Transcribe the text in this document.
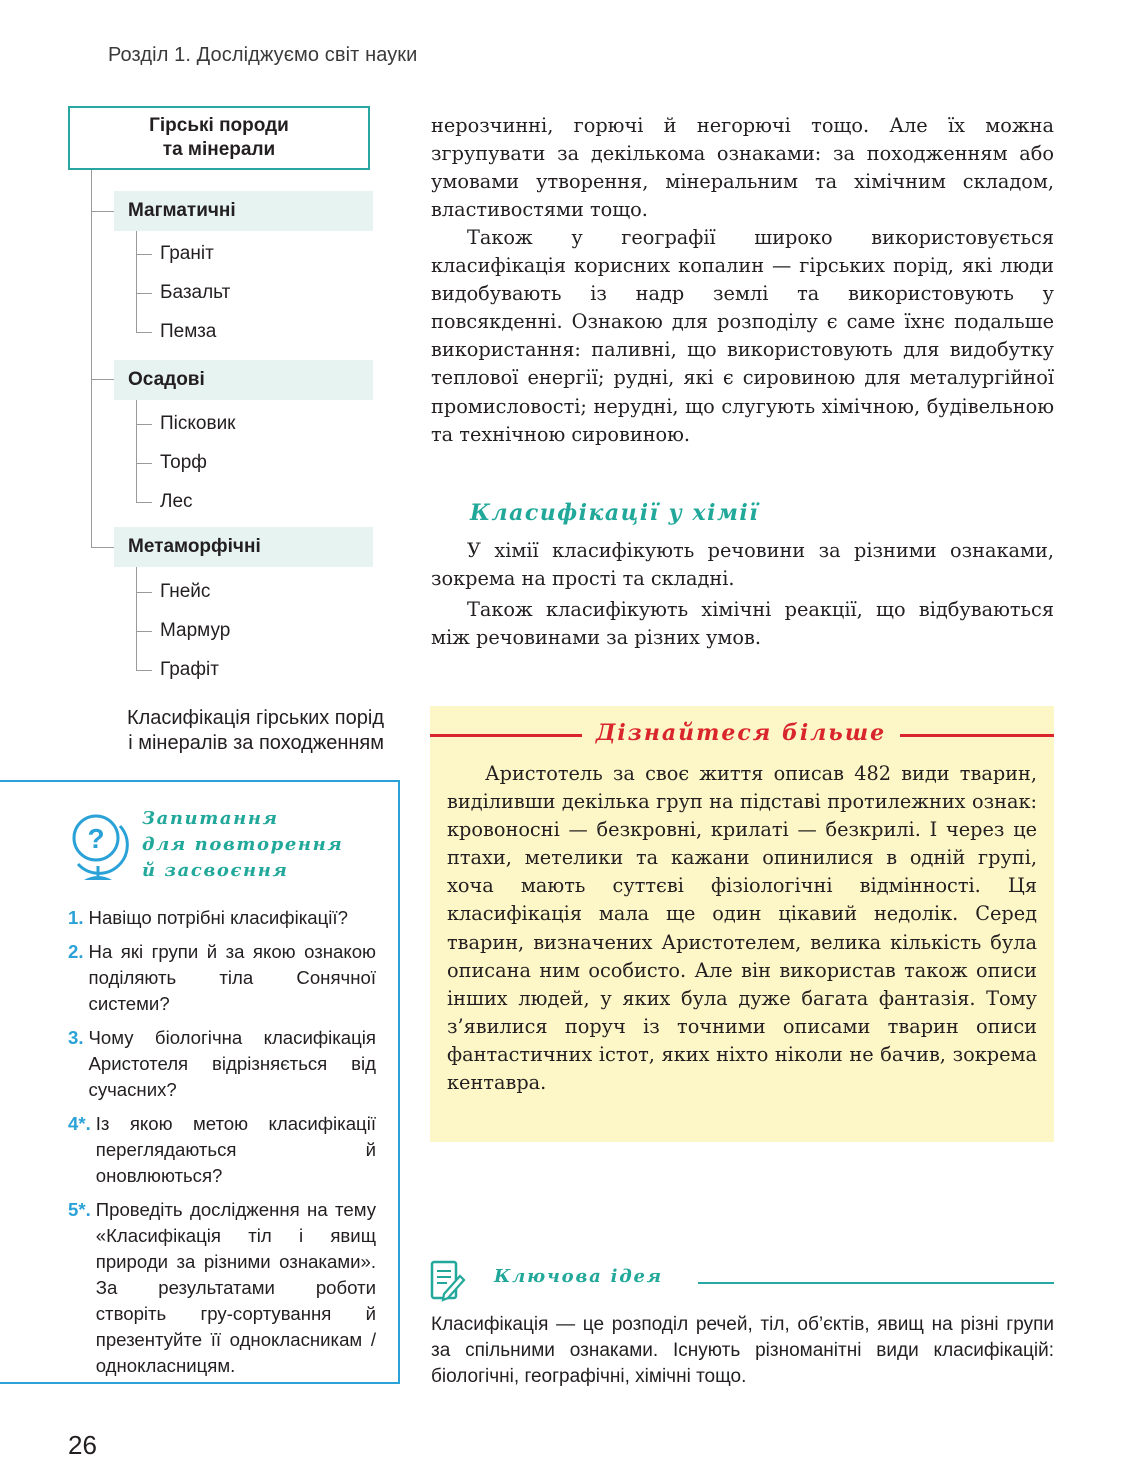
Розділ 1. Досліджуємо світ науки
Гірські породи
та мінерали
Магматичні
Граніт
Базальт
Пемза
Осадові
Пісковик
Торф
Лес
Метаморфічні
Гнейс
Мармур
Графіт
Класифікація гірських порід
і мінералів за походженням

нерозчинні, горючі й негорючі тощо. Але їх можна згрупувати за декількома ознаками: за походженням або умовами утворення, мінеральним та хімічним складом, властивостями тощо.

Також у географії широко використовується класифікація корисних копалин — гірських порід, які люди видобувають із надр землі та використовують у повсякденні. Ознакою для розподілу є саме їхнє подальше використання: паливні, що використовують для видобутку теплової енергії; рудні, які є сировиною для металургійної промисловості; нерудні, що слугують хімічною, будівельною та технічною сировиною.

Класифікації у хімії

У хімії класифікують речовини за різними ознаками, зокрема на прості та складні.

Також класифікують хімічні реакції, що відбуваються між речовинами за різних умов.

?
Запитання
для повторення
й засвоєння
1. Навіщо потрібні класифікації?
2. На які групи й за якою ознакою поділяють тіла Сонячної системи?
3. Чому біологічна класифікація Аристотеля відрізняється від сучасних?
4*. Із якою метою класифікації переглядаються й оновлюються?
5*. Проведіть дослідження на тему «Класифікація тіл і явищ природи за різними ознаками». За результатами роботи створіть гру-сортування й презентуйте її однокласникам / однокласницям.
Дізнайтеся більше

Аристотель за своє життя описав 482 види тварин, виділивши декілька груп на підставі протилежних ознак: кровоносні — безкровні, крилаті — безкрилі. І через це птахи, метелики та кажани опинилися в одній групі, хоча мають суттєві фізіологічні відмінності. Ця класифікація мала ще один цікавий недолік. Серед тварин, визначених Аристотелем, велика кількість була описана ним особисто. Але він використав також описи інших людей, у яких була дуже багата фантазія. Тому з’явилися поруч із точними описами тварин описи фантастичних істот, яких ніхто ніколи не бачив, зокрема кентавра.

Ключова ідея

Класифікація — це розподіл речей, тіл, об’єктів, явищ на різні групи за спільними ознаками. Існують різноманітні види класифікацій: біологічні, географічні, хімічні тощо.

26
